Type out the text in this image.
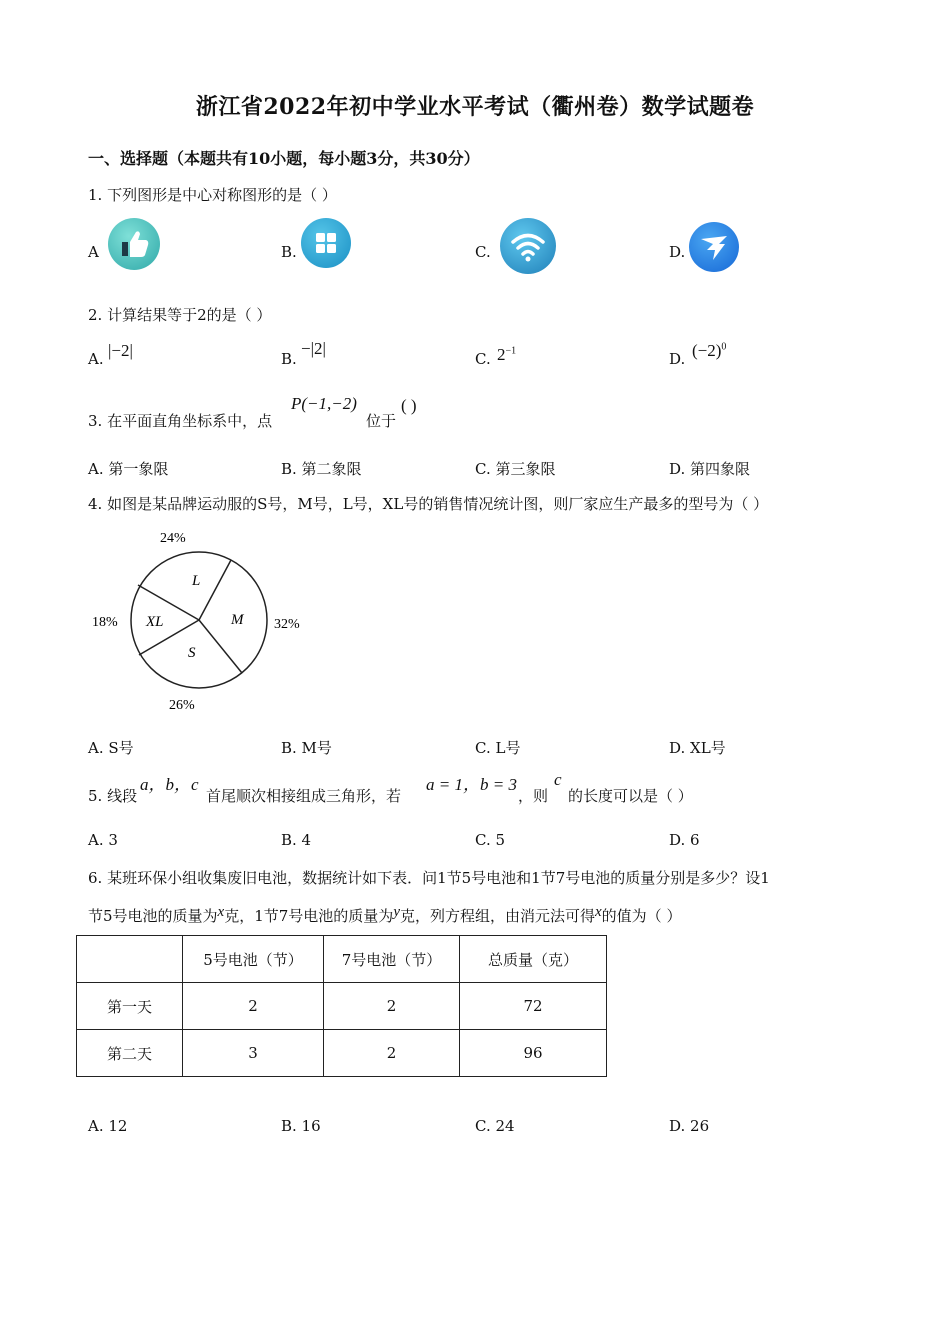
浙江省2022年初中学业水平考试（衢州卷）数学试题卷
一、选择题（本题共有10小题，每小题3分，共30分）
1. 下列图形是中心对称图形的是（ ）
A	B.	C.	D.
2. 计算结果等于2的是（ ）
A. |−2|	B.
−|2|
C. $2^{-1}$	D. $(-2)^0$
3. 在平面直角坐标系中，点
P(−1,−2)
位于
( )
A. 第一象限	B. 第二象限	C. 第三象限	D. 第四象限
4. 如图是某品牌运动服的S号，M号，L号，XL号的销售情况统计图，则厂家应生产最多的型号为（ ）
L
M
S
XL
24%
32%
26%
18%
A. S号	B. M号	C. L号	D. XL号
5. 线段
a，b，c
首尾顺次相接组成三角形，若
a = 1，b = 3
，则
c
的长度可以是（ ）
A. 3	B. 4	C. 5	D. 6
6. 某班环保小组收集废旧电池，数据统计如下表．问1节5号电池和1节7号电池的质量分别是多少？设1
节5号电池的质量为x克，1节7号电池的质量为y克，列方程组，由消元法可得x的值为（ ）
	5号电池（节）	7号电池（节）	总质量（克）
第一天	2	2	72
第二天	3	2	96
A. 12	B. 16	C. 24	D. 26
